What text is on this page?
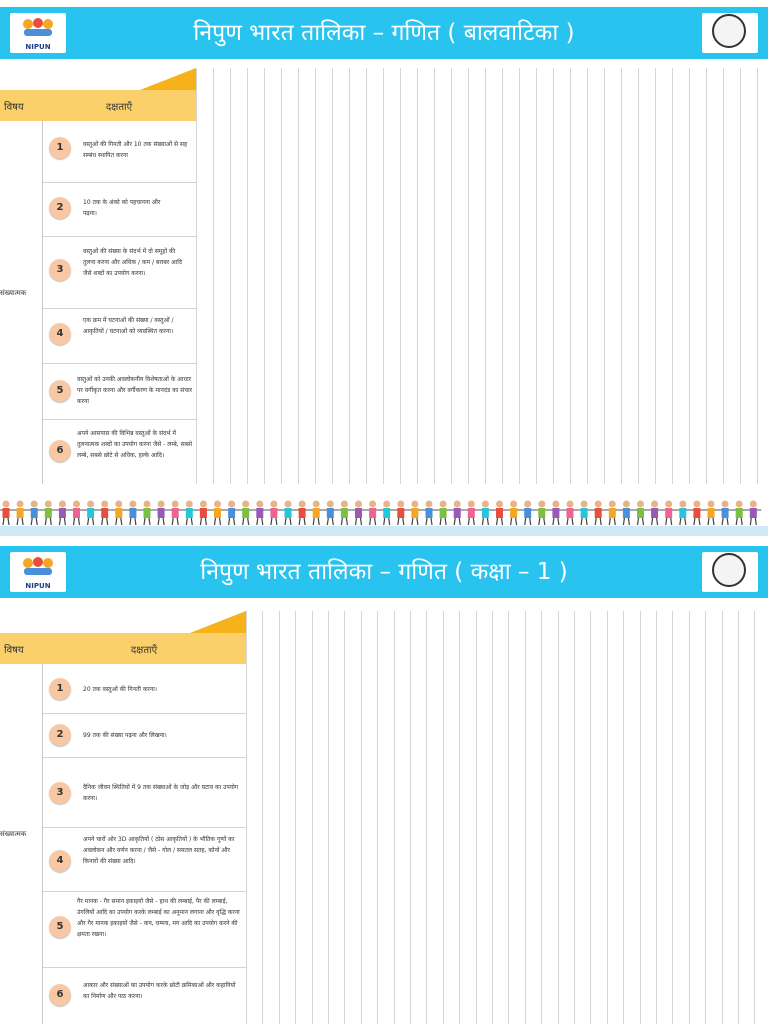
NIPUN
निपुण भारत तालिका – गणित ( बालवाटिका )
विषय	दक्षताएँ
संख्यात्मक
1	वस्तुओं की गिनती और 10 तक संख्याओं से सह सम्बंध स्थापित करना
2	10 तक के अंको को पहचानना और पढ़ना।
3
वस्तुओं की संख्या के संदर्भ में दो समूहों की तुलना करना और अधिक / कम / बराबर आदि जैसे शब्दों का उपयोग करना।
4
एक क्रम में घटनाओं की संख्या / वस्तुओं / आकृतियों / घटनाओं को व्यवस्थित करना।
5
वस्तुओं को उनकी अवलोकनीय विशेषताओं के आधार पर वर्गीकृत करना और वर्गीकरण के मानदंड का संचार करना
6
अपने आसपास की विभिन्न वस्तुओं के संदर्भ में तुलनात्मक शब्दों का उपयोग करना जैसे - लम्बे, सबसे लम्बे, सबसे छोटे से अधिक, हल्के आदि।
NIPUN
निपुण भारत तालिका – गणित ( कक्षा – 1 )
विषय	दक्षताएँ
संख्यात्मक
1	20 तक वस्तुओं की गिनती करना।
2	99 तक की संख्या पढ़ना और लिखना।
3	दैनिक जीवन स्थितियों में 9 तक संख्याओं के जोड़ और घटाव का उपयोग करना।
4
अपने चारों ओर 3D आकृतियों ( ठोस आकृतियों ) के भौतिक गुणों का अवलोकन और वर्णन करना / जैसे - गोल / समतल सतह, कोनों और किनारों की संख्या आदि।
5
गैर मानक - गैर समान इकाइयों जैसे - हाथ की लम्बाई, पैर की लम्बाई, उंगलियों आदि का उपयोग करके लम्बाई का अनुमान लगाना और वृद्धि करना और गैर मानक इकाइयों जैसे - कप, चम्मच, मग आदि का उपयोग करने की क्षमता रखना।
6
आकार और संख्याओं का उपयोग करके छोटी क्रमिकाओं और कहानियों का निर्माण और पाठ करना।
